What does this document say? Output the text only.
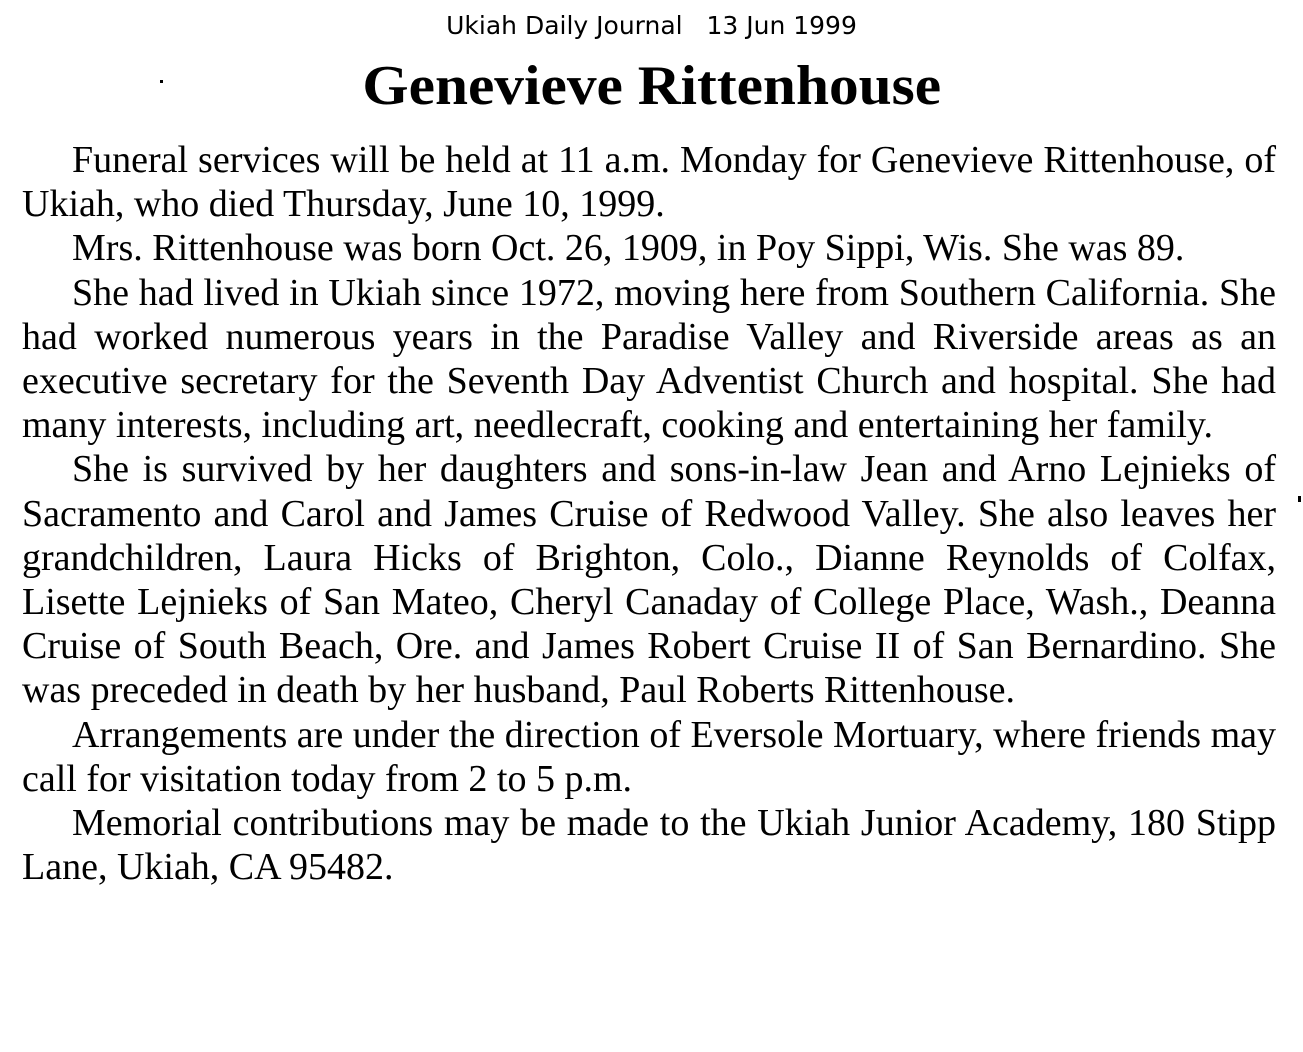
Ukiah Daily Journal 13 Jun 1999
Genevieve Rittenhouse

Funeral services will be held at 11 a.m. Monday for Genevieve Rittenhouse, of Ukiah, who died Thursday, June 10, 1999.

Mrs. Rittenhouse was born Oct. 26, 1909, in Poy Sippi, Wis. She was 89.

She had lived in Ukiah since 1972, moving here from Southern California. She had worked numerous years in the Paradise Valley and Riverside areas as an executive secretary for the Seventh Day Adventist Church and hospital. She had many interests, including art, needlecraft, cooking and entertaining her family.

She is survived by her daughters and sons-in-law Jean and Arno Lejnieks of Sacramento and Carol and James Cruise of Redwood Valley. She also leaves her grandchildren, Laura Hicks of Brighton, Colo., Dianne Reynolds of Colfax, Lisette Lejnieks of San Mateo, Cheryl Canaday of College Place, Wash., Deanna Cruise of South Beach, Ore. and James Robert Cruise II of San Bernardino. She was preceded in death by her husband, Paul Roberts Rittenhouse.

Arrangements are under the direction of Eversole Mortuary, where friends may call for visitation today from 2 to 5 p.m.

Memorial contributions may be made to the Ukiah Junior Academy, 180 Stipp Lane, Ukiah, CA 95482.
